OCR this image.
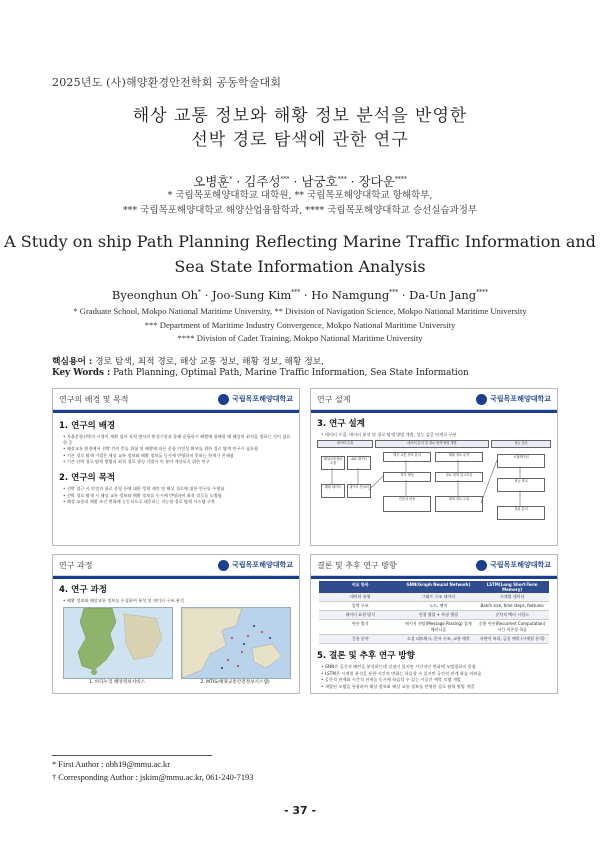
2025년도 (사)해양환경안전학회 공동학술대회
해상 교통 정보와 해황 정보 분석을 반영한
선박 경로 탐색에 관한 연구
오병훈* · 김주성*** · 남궁호*** · 장다운****
* 국립목포해양대학교 대학원, ** 국립목포해양대학교 항해학부,
*** 국립목포해양대학교 해양산업융합학과, **** 국립목포해양대학교 승선실습과정부
A Study on ship Path Planning Reflecting Marine Traffic Information and
Sea State Information Analysis
Byeonghun Oh* · Joo-Sung Kim*** · Ho Namgung*** · Da-Un Jang****
* Graduate School, Mokpo National Maritime University, ** Division of Navigation Science, Mokpo National Maritime University
*** Department of Maritime Industry Convergence, Mokpo National Maritime University
**** Division of Cadet Training, Mokpo National Maritime University
핵심용어 : 경로 탐색, 최적 경로, 해상 교통 정보, 해황 정보, 해황 정보,
Key Words : Path Planning, Optimal Path, Marine Traffic Information, Sea State Information
연구의 배경 및 목적	국립목포해양대학교
1. 연구의 배경
• 자율운항선박의 시행이 계획 점차 직적 센서의 환경기상과 융해 운항하기 해황에 항해할 때 해상의 최적을 정하는 것이 필요한 곳
• 해상교통 환경에서 선박 간의 충돌 위험 및 해황에 따른 운항 안전성 확보를 위한 경로 탐색 연구가 필요함
• 기존 경로 탐색 기법은 해상 교통 정보와 해황 정보를 동시에 반영하지 못하는 한계가 존재함
• 기존 선박 경로 탐색 방법과 최적 경로 생성 기법이 이 분야 개선되기 위한 연구
2. 연구의 목적
• 선박 접근 시 안전과 항로 운영 등에 대한 정책 제안 및 해상 경로에 대한 연구를 수행함
• 선박 경로 탐색 시 해상 교통 정보와 해황 정보를 동시에 반영하여 최적 경로를 도출함
• 해상 교통과 해황 조건 변화에 능동적으로 대응하는 지능형 경로 탐색 시스템 구축
연구 설계	국립목포해양대학교
3. 연구 설계
• 데이터 수집, 데이터 분석 및 경로 탐색 방법 개발, 성능 검증 단계로 구분
데이터 수집	데이터 분석 및 경로 탐색 방법 개발	성능 검증
해상교통정보 수집
AIS 데이터
해황 데이터	데이터 전처리
해상 교통 정보 분석	해황 정보 분석
격자 생성	경로 탐색 알고리즘
가중치 적용	최적 경로 도출
시뮬레이션
성능 비교
결과 분석
연구 과정	국립목포해양대학교
4. 연구 과정
• 해황 정보와 해상교통 정보를 수집하여 분석 및 데이터 구조 분석
1. 바다누리 해양정보서비스	2. MTIS(해양교통안전정보시스템)
결론 및 추후 연구 방향	국립목포해양대학교
비교 항목	GNN(Graph Neural Network)	LSTM(Long Short-Term Memory)
데이터 유형	그래프 구조 데이터	시계열 데이터
입력 구조	노드, 엣지	Batch size, time steps, features
데이터 표현 방식	인접 행렬 + 특징 행렬	순차적 벡터 시퀀스
연산 방식	메시지 전달(Message Passing) 집계 메커니즘
순환 연산(Recurrent Computation) 시간 의존성 학습
응용 분야	소셜 네트워크, 분자 구조, 교통 예측	자연어 처리, 금융 예측 (시계열 분석)
5. 결론 및 추후 연구 방향
• GNN은 공간적 패턴을 분석하는데 강점이 있지만 시간적인 변화에 모델링하지 못함
• LSTM은 시계열 분석을 통한 시간적 변화는 학습할 수 있지만 공간적 관계 학습 어려움
• 공간적 관계와 시간적 관계를 동시에 학습할 수 있는 시공간 예측 모델 개발
• 개발된 모델을 통합하여 해상 정보와 해상 교통 정보를 반영한 경로 탐색 방법 개발
* First Author : obh19@mmu.ac.kr
† Corresponding Author : jskim@mmu.ac.kr, 061-240-7193
- 37 -
